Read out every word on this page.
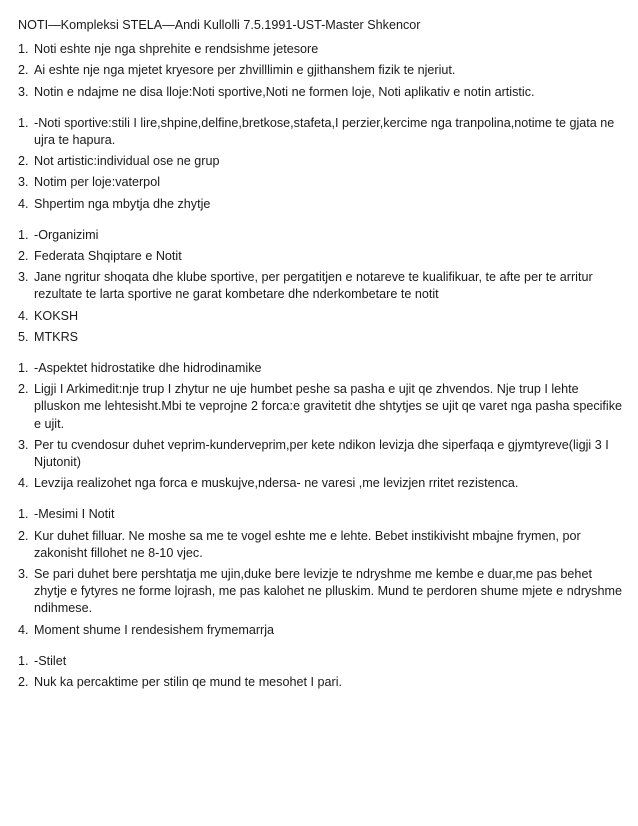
NOTI—Kompleksi STELA—Andi Kullolli 7.5.1991-UST-Master Shkencor
1. Noti eshte nje nga shprehite e rendsishme jetesore
2. Ai eshte nje nga mjetet kryesore per zhvilllimin e gjithanshem fizik te njeriut.
3. Notin e ndajme ne disa lloje:Noti sportive,Noti ne formen loje, Noti aplikativ e notin artistic.
1. -Noti sportive:stili I lire,shpine,delfine,bretkose,stafeta,I perzier,kercime nga tranpolina,notime te gjata ne ujra te hapura.
2. Not artistic:individual ose ne grup
3. Notim per loje:vaterpol
4. Shpertim nga mbytja dhe zhytje
1. -Organizimi
2. Federata Shqiptare e Notit
3. Jane ngritur shoqata dhe klube sportive, per pergatitjen e notareve te kualifikuar, te afte per te arritur rezultate te larta sportive ne garat kombetare dhe nderkombetare te notit
4. KOKSH
5. MTKRS
1. -Aspektet hidrostatike dhe hidrodinamike
2. Ligji I Arkimedit:nje trup I zhytur ne uje humbet peshe sa pasha e ujit qe zhvendos. Nje trup I lehte plluskon me lehtesisht.Mbi te veprojne 2 forca:e gravitetit dhe shtytjes se ujit qe varet nga pasha specifike e ujit.
3. Per tu cvendosur duhet veprim-kunderveprim,per kete ndikon levizja dhe siperfaqa e gjymtyreve(ligji 3 I Njutonit)
4. Levzija realizohet nga forca e muskujve,ndersa- ne varesi ,me levizjen rritet rezistenca.
1. -Mesimi I Notit
2. Kur duhet filluar. Ne moshe sa me te vogel eshte me e lehte. Bebet instikivisht mbajne frymen, por zakonisht fillohet ne 8-10 vjec.
3. Se pari duhet bere pershtatja me ujin,duke bere levizje te ndryshme me kembe e duar,me pas behet zhytje e fytyres ne forme lojrash, me pas kalohet ne plluskim. Mund te perdoren shume mjete e ndryshme ndihmese.
4. Moment shume I rendesishem frymemarrja
1. -Stilet
2. Nuk ka percaktime per stilin qe mund te mesohet I pari.
